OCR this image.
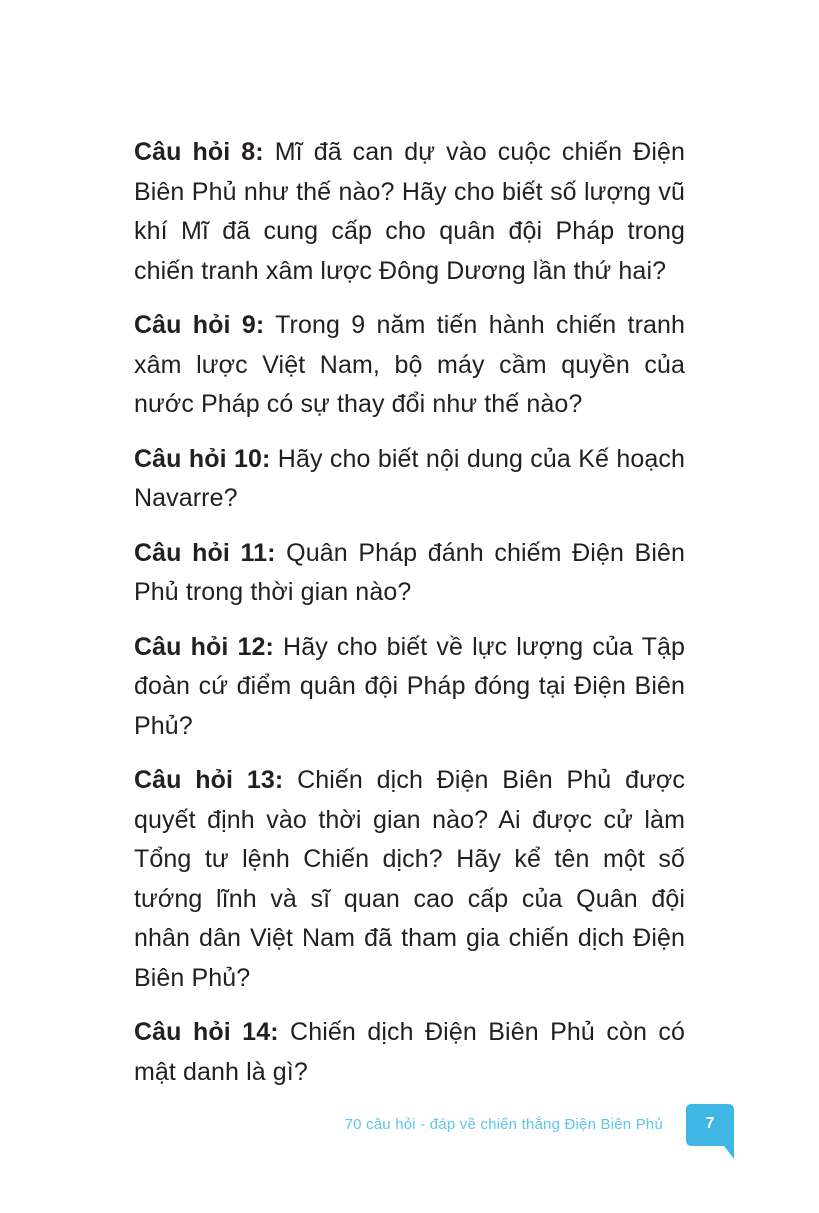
Câu hỏi 8: Mĩ đã can dự vào cuộc chiến Điện Biên Phủ như thế nào? Hãy cho biết số lượng vũ khí Mĩ đã cung cấp cho quân đội Pháp trong chiến tranh xâm lược Đông Dương lần thứ hai?

Câu hỏi 9: Trong 9 năm tiến hành chiến tranh xâm lược Việt Nam, bộ máy cầm quyền của nước Pháp có sự thay đổi như thế nào?

Câu hỏi 10: Hãy cho biết nội dung của Kế hoạch Navarre?

Câu hỏi 11: Quân Pháp đánh chiếm Điện Biên Phủ trong thời gian nào?

Câu hỏi 12: Hãy cho biết về lực lượng của Tập đoàn cứ điểm quân đội Pháp đóng tại Điện Biên Phủ?

Câu hỏi 13: Chiến dịch Điện Biên Phủ được quyết định vào thời gian nào? Ai được cử làm Tổng tư lệnh Chiến dịch? Hãy kể tên một số tướng lĩnh và sĩ quan cao cấp của Quân đội nhân dân Việt Nam đã tham gia chiến dịch Điện Biên Phủ?

Câu hỏi 14: Chiến dịch Điện Biên Phủ còn có mật danh là gì?

70 câu hỏi - đáp về chiến thắng Điện Biên Phủ	7
